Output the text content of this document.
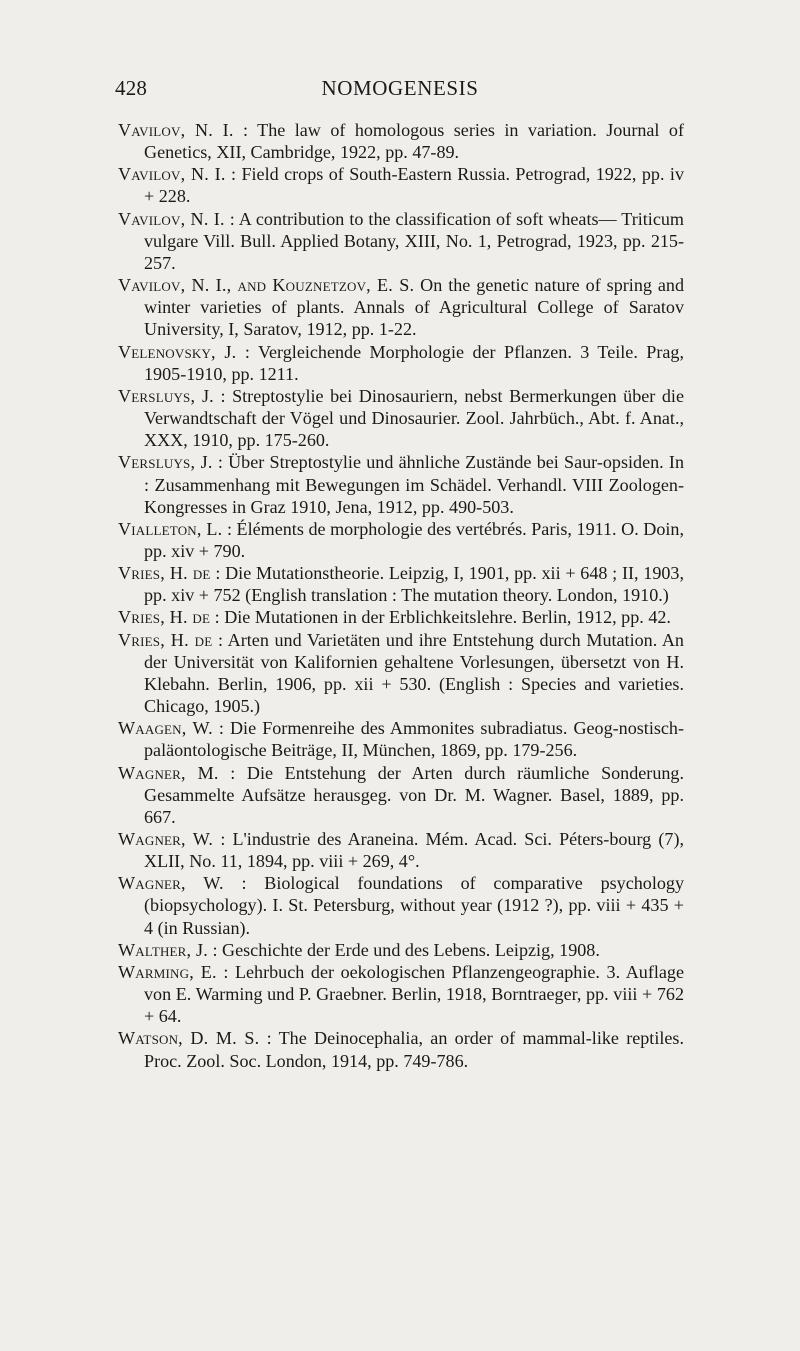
428	NOMOGENESIS
Vavilov, N. I. : The law of homologous series in variation. Journal of Genetics, XII, Cambridge, 1922, pp. 47-89.
Vavilov, N. I. : Field crops of South-Eastern Russia. Petrograd, 1922, pp. iv + 228.
Vavilov, N. I. : A contribution to the classification of soft wheats— Triticum vulgare Vill. Bull. Applied Botany, XIII, No. 1, Petrograd, 1923, pp. 215-257.
Vavilov, N. I., and Kouznetzov, E. S. On the genetic nature of spring and winter varieties of plants. Annals of Agricultural College of Saratov University, I, Saratov, 1912, pp. 1-22.
Velenovsky, J. : Vergleichende Morphologie der Pflanzen. 3 Teile. Prag, 1905-1910, pp. 1211.
Versluys, J. : Streptostylie bei Dinosauriern, nebst Bermerkungen über die Verwandtschaft der Vögel und Dinosaurier. Zool. Jahrbüch., Abt. f. Anat., XXX, 1910, pp. 175-260.
Versluys, J. : Über Streptostylie und ähnliche Zustände bei Saur-opsiden. In : Zusammenhang mit Bewegungen im Schädel. Verhandl. VIII Zoologen-Kongresses in Graz 1910, Jena, 1912, pp. 490-503.
Vialleton, L. : Éléments de morphologie des vertébrés. Paris, 1911. O. Doin, pp. xiv + 790.
Vries, H. de : Die Mutationstheorie. Leipzig, I, 1901, pp. xii + 648 ; II, 1903, pp. xiv + 752 (English translation : The mutation theory. London, 1910.)
Vries, H. de : Die Mutationen in der Erblichkeitslehre. Berlin, 1912, pp. 42.
Vries, H. de : Arten und Varietäten und ihre Entstehung durch Mutation. An der Universität von Kalifornien gehaltene Vorlesungen, übersetzt von H. Klebahn. Berlin, 1906, pp. xii + 530. (English : Species and varieties. Chicago, 1905.)
Waagen, W. : Die Formenreihe des Ammonites subradiatus. Geog-nostisch-paläontologische Beiträge, II, München, 1869, pp. 179-256.
Wagner, M. : Die Entstehung der Arten durch räumliche Sonderung. Gesammelte Aufsätze herausgeg. von Dr. M. Wagner. Basel, 1889, pp. 667.
Wagner, W. : L'industrie des Araneina. Mém. Acad. Sci. Péters-bourg (7), XLII, No. 11, 1894, pp. viii + 269, 4°.
Wagner, W. : Biological foundations of comparative psychology (biopsychology). I. St. Petersburg, without year (1912 ?), pp. viii + 435 + 4 (in Russian).
Walther, J. : Geschichte der Erde und des Lebens. Leipzig, 1908.
Warming, E. : Lehrbuch der oekologischen Pflanzengeographie. 3. Auflage von E. Warming und P. Graebner. Berlin, 1918, Borntraeger, pp. viii + 762 + 64.
Watson, D. M. S. : The Deinocephalia, an order of mammal-like reptiles. Proc. Zool. Soc. London, 1914, pp. 749-786.
